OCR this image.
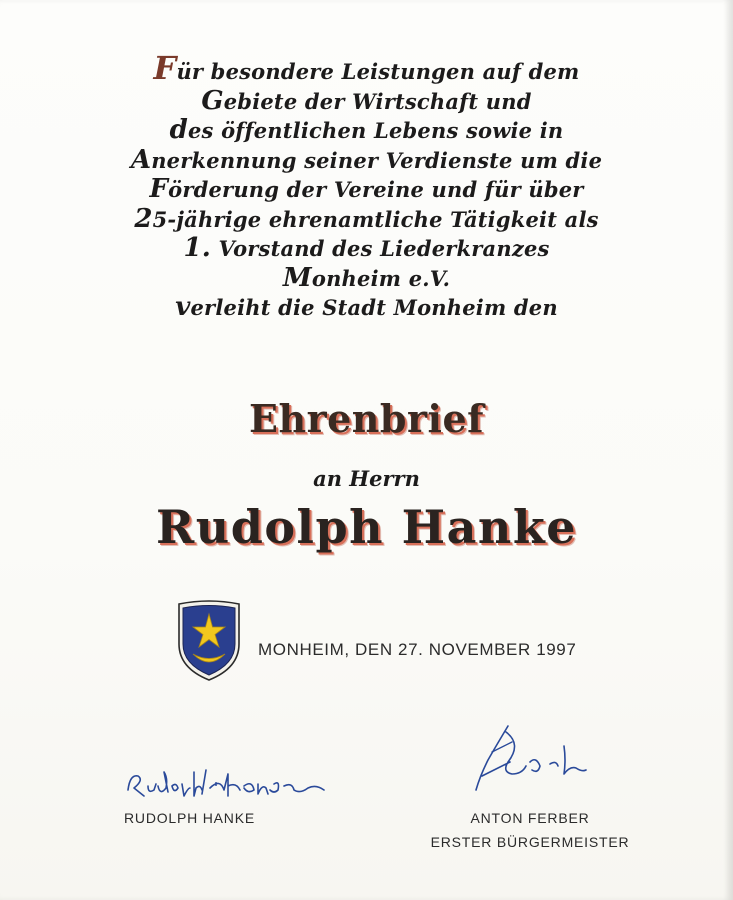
Für besondere Leistungen auf dem
Gebiete der Wirtschaft und
des öffentlichen Lebens sowie in
Anerkennung seiner Verdienste um die
Förderung der Vereine und für über
25-jährige ehrenamtliche Tätigkeit als
1. Vorstand des Liederkranzes
Monheim e.V.
verleiht die Stadt Monheim den
Ehrenbrief
an Herrn
Rudolph Hanke
MONHEIM, DEN 27. NOVEMBER 1997
RUDOLPH HANKE	ANTON FERBER
ERSTER BÜRGERMEISTER
